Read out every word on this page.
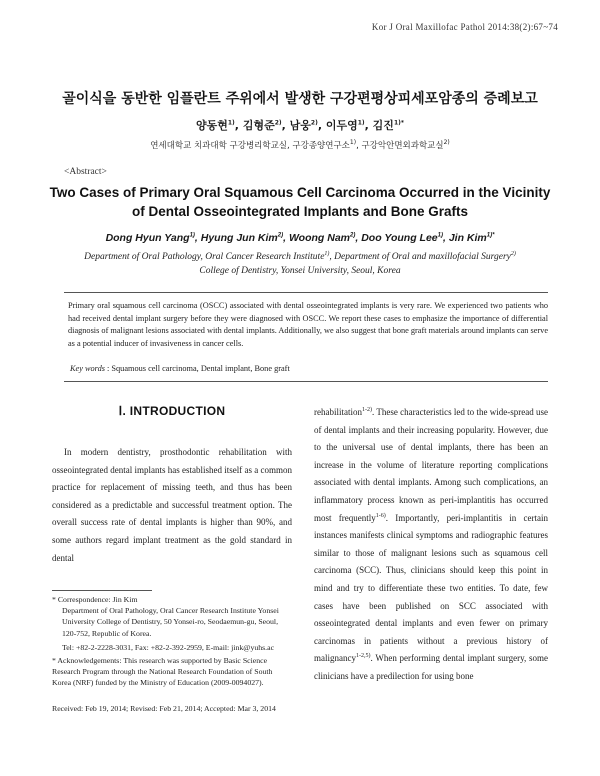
Kor J Oral Maxillofac Pathol 2014:38(2):67~74
골이식을 동반한 임플란트 주위에서 발생한 구강편평상피세포암종의 증례보고
양동현$^{1)}$, 김형준$^{2)}$, 남웅$^{2)}$, 이두영$^{1)}$, 김진$^{1)*}$
연세대학교 치과대학 구강병리학교실, 구강종양연구소$^{1)}$, 구강악안면외과학교실$^{2)}$
<Abstract>
Two Cases of Primary Oral Squamous Cell Carcinoma Occurred in the Vicinity
of Dental Osseointegrated Implants and Bone Grafts
Dong Hyun Yang$^{1)}$, Hyung Jun Kim$^{2)}$, Woong Nam$^{2)}$, Doo Young Lee$^{1)}$, Jin Kim$^{1)*}$
Department of Oral Pathology, Oral Cancer Research Institute$^{1)}$, Department of Oral and maxillofacial Surgery$^{2)}$
College of Dentistry, Yonsei University, Seoul, Korea
Primary oral squamous cell carcinoma (OSCC) associated with dental osseointegrated implants is very rare. We experienced two patients who had received dental implant surgery before they were diagnosed with OSCC. We report these cases to emphasize the importance of differential diagnosis of malignant lesions associated with dental implants. Additionally, we also suggest that bone graft materials around implants can serve as a potential inducer of invasiveness in cancer cells.
Key words : Squamous cell carcinoma, Dental implant, Bone graft
Ⅰ. INTRODUCTION
In modern dentistry, prosthodontic rehabilitation with osseointegrated dental implants has established itself as a common practice for replacement of missing teeth, and thus has been considered as a predictable and successful treatment option. The overall success rate of dental implants is higher than 90%, and some authors regard implant treatment as the gold standard in dental
rehabilitation$^{1-2)}$. These characteristics led to the wide-spread use of dental implants and their increasing popularity. However, due to the universal use of dental implants, there has been an increase in the volume of literature reporting complications associated with dental implants. Among such complications, an inflammatory process known as peri-implantitis has occurred most frequently$^{1-6)}$. Importantly, peri-implantitis in certain instances manifests clinical symptoms and radiographic features similar to those of malignant lesions such as squamous cell carcinoma (SCC). Thus, clinicians should keep this point in mind and try to differentiate these two entities. To date, few cases have been published on SCC associated with osseointegrated dental implants and even fewer on primary carcinomas in patients without a previous history of malignancy$^{1-2,5)}$. When performing dental implant surgery, some clinicians have a predilection for using bone
* Correspondence: Jin Kim
Department of Oral Pathology, Oral Cancer Research Institute Yonsei University College of Dentistry, 50 Yonsei-ro, Seodaemun-gu, Seoul, 120-752, Republic of Korea.
Tel: +82-2-2228-3031, Fax: +82-2-392-2959, E-mail: jink@yuhs.ac
* Acknowledgements: This research was supported by Basic Science Research Program through the National Research Foundation of South Korea (NRF) funded by the Ministry of Education (2009-0094027).
Received: Feb 19, 2014; Revised: Feb 21, 2014; Accepted: Mar 3, 2014
